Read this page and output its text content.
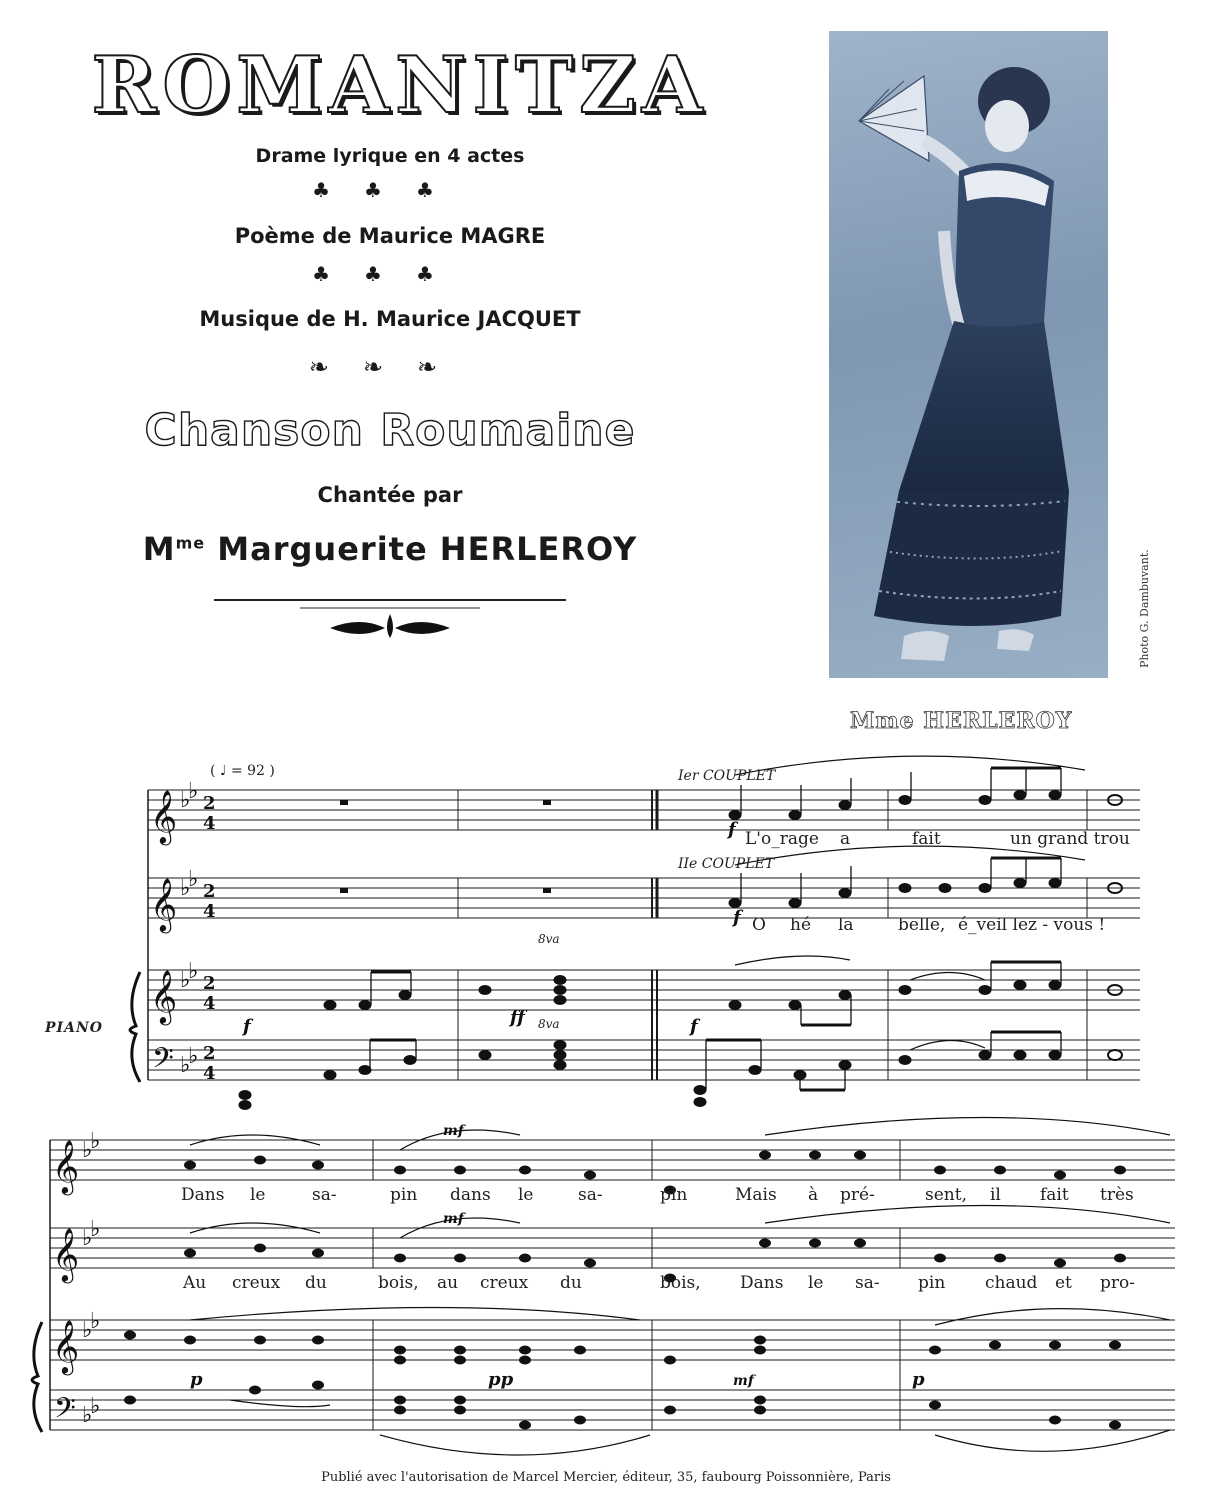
ROMANITZA
Drame lyrique en 4 actes
♣♣♣
Poème de Maurice MAGRE
♣♣♣
Musique de H. Maurice JACQUET
❧❧❧
Chanson Roumaine
Chantée par
$M^{me}$ Marguerite HERLEROY
Photo G. Dambuvant.
Mme HERLEROY
𝄞
𝄞
𝄞
𝄢
𝄞
𝄞
𝄞
𝄢
♭
♭
♭
♭
♭
♭
♭
♭
♭
♭
♭
♭
♭
♭
♭
♭
2
4
2
4
2
4
2
4
( ♩ = 92 )	Ier COUPLET
IIe COUPLET
PIANO
8va
8va
f
f
f	ff	f
mf
mf
p	pp	mf	p
L'o_rage a	fait	un grand trou
O hé la	belle, é_veil lez - vous !
Dans le	sa-	pin dans le	sa-	pin	Mais à pré-	sent, il fait très
Au creux du	bois, au creux du	bois, Dans le sa- pin chaud et pro-
Publié avec l'autorisation de Marcel Mercier, éditeur, 35, faubourg Poissonnière, Paris
